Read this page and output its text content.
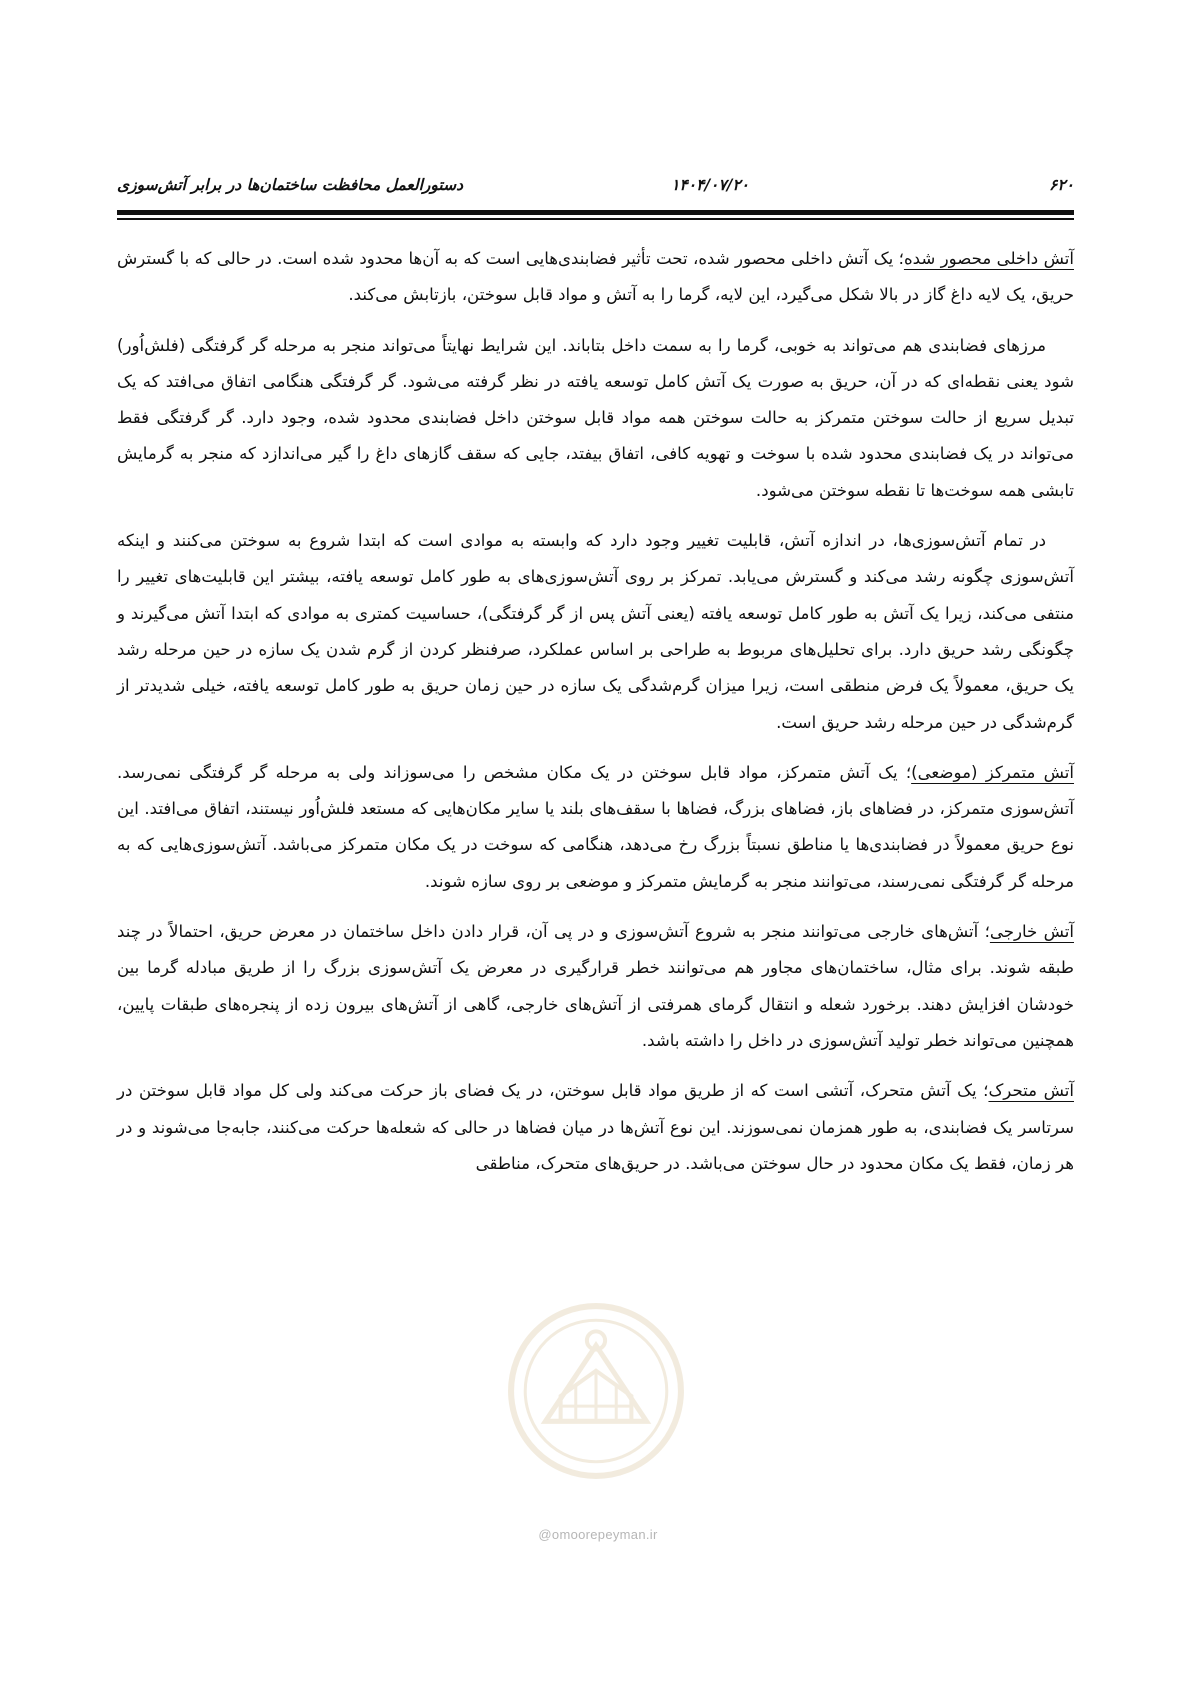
۶۲۰
۱۴۰۴/۰۷/۲۰
دستورالعمل محافظت ساختمان‌ها در برابر آتش‌سوزی

آتش داخلی محصور شده؛ یک آتش داخلی محصور شده، تحت تأثیر فضابندی‌هایی است که به آن‌ها محدود شده است. در حالی که با گسترش حریق، یک لایه داغ گاز در بالا شکل می‌گیرد، این لایه، گرما را به آتش و مواد قابل سوختن، بازتابش می‌کند.

مرزهای فضابندی هم می‌تواند به خوبی، گرما را به سمت داخل بتاباند. این شرایط نهایتاً می‌تواند منجر به مرحله گر گرفتگی (فلش‌اُور) شود یعنی نقطه‌ای که در آن، حریق به صورت یک آتش کامل توسعه یافته در نظر گرفته می‌شود. گر گرفتگی هنگامی اتفاق می‌افتد که یک تبدیل سریع از حالت سوختن متمرکز به حالت سوختن همه مواد قابل سوختن داخل فضابندی محدود شده، وجود دارد. گر گرفتگی فقط می‌تواند در یک فضابندی محدود شده با سوخت و تهویه کافی، اتفاق بیفتد، جایی که سقف گازهای داغ را گیر می‌اندازد که منجر به گرمایش تابشی همه سوخت‌ها تا نقطه سوختن می‌شود.

در تمام آتش‌سوزی‌ها، در اندازه آتش، قابلیت تغییر وجود دارد که وابسته به موادی است که ابتدا شروع به سوختن می‌کنند و اینکه آتش‌سوزی چگونه رشد می‌کند و گسترش می‌یابد. تمرکز بر روی آتش‌سوزی‌های به طور کامل توسعه یافته، بیشتر این قابلیت‌های تغییر را منتفی می‌کند، زیرا یک آتش به طور کامل توسعه یافته (یعنی آتش پس از گر گرفتگی)، حساسیت کمتری به موادی که ابتدا آتش می‌گیرند و چگونگی رشد حریق دارد. برای تحلیل‌های مربوط به طراحی بر اساس عملکرد، صرفنظر کردن از گرم شدن یک سازه در حین مرحله رشد یک حریق، معمولاً یک فرض منطقی است، زیرا میزان گرم‌شدگی یک سازه در حین زمان حریق به طور کامل توسعه یافته، خیلی شدیدتر از گرم‌شدگی در حین مرحله رشد حریق است.

آتش متمرکز (موضعی)؛ یک آتش متمرکز، مواد قابل سوختن در یک مکان مشخص را می‌سوزاند ولی به مرحله گر گرفتگی نمی‌رسد. آتش‌سوزی متمرکز، در فضاهای باز، فضاهای بزرگ، فضاها با سقف‌های بلند یا سایر مکان‌هایی که مستعد فلش‌اُور نیستند، اتفاق می‌افتد. این نوع حریق معمولاً در فضابندی‌ها یا مناطق نسبتاً بزرگ رخ می‌دهد، هنگامی که سوخت در یک مکان متمرکز می‌باشد. آتش‌سوزی‌هایی که به مرحله گر گرفتگی نمی‌رسند، می‌توانند منجر به گرمایش متمرکز و موضعی بر روی سازه شوند.

آتش خارجی؛ آتش‌های خارجی می‌توانند منجر به شروع آتش‌سوزی و در پی آن، قرار دادن داخل ساختمان در معرض حریق، احتمالاً در چند طبقه شوند. برای مثال، ساختمان‌های مجاور هم می‌توانند خطر قرارگیری در معرض یک آتش‌سوزی بزرگ را از طریق مبادله گرما بین خودشان افزایش دهند. برخورد شعله و انتقال گرمای همرفتی از آتش‌های خارجی، گاهی از آتش‌های بیرون زده از پنجره‌های طبقات پایین، همچنین می‌تواند خطر تولید آتش‌سوزی در داخل را داشته باشد.

آتش متحرک؛ یک آتش متحرک، آتشی است که از طریق مواد قابل سوختن، در یک فضای باز حرکت می‌کند ولی کل مواد قابل سوختن در سرتاسر یک فضابندی، به طور همزمان نمی‌سوزند. این نوع آتش‌ها در میان فضاها در حالی که شعله‌ها حرکت می‌کنند، جابه‌جا می‌شوند و در هر زمان، فقط یک مکان محدود در حال سوختن می‌باشد. در حریق‌های متحرک، مناطقی

@omoorepeyman.ir
